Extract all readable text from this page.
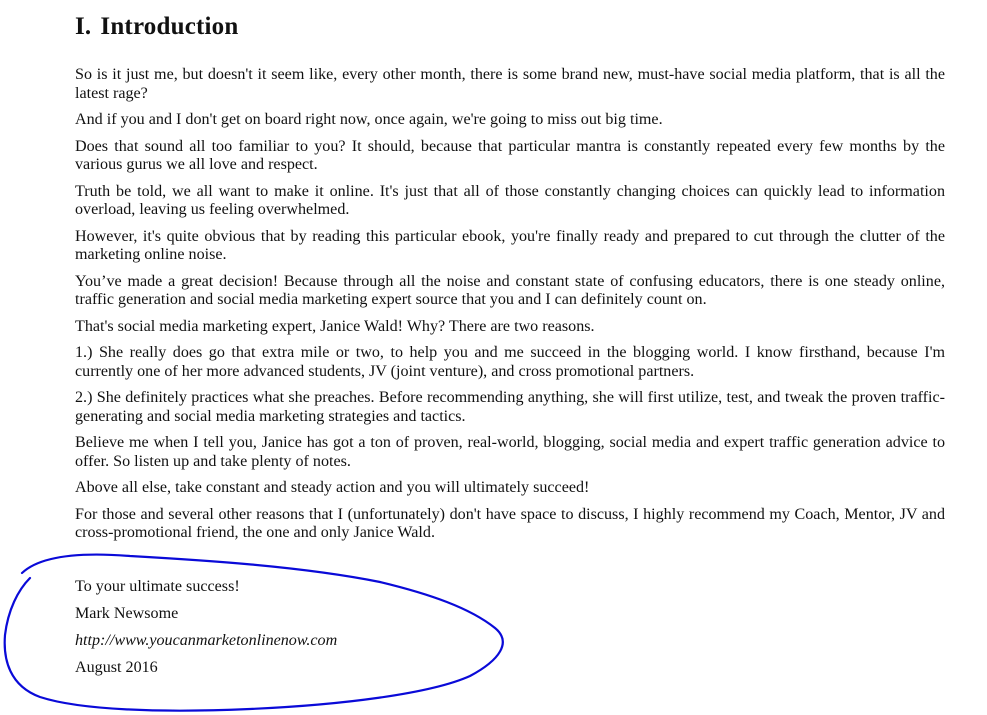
I. Introduction

So is it just me, but doesn't it seem like, every other month, there is some brand new, must-have social media platform, that is all the latest rage?

And if you and I don't get on board right now, once again, we're going to miss out big time.

Does that sound all too familiar to you? It should, because that particular mantra is constantly repeated every few months by the various gurus we all love and respect.

Truth be told, we all want to make it online. It's just that all of those constantly changing choices can quickly lead to information overload, leaving us feeling overwhelmed.

However, it's quite obvious that by reading this particular ebook, you're finally ready and prepared to cut through the clutter of the marketing online noise.

You’ve made a great decision! Because through all the noise and constant state of confusing educators, there is one steady online, traffic generation and social media marketing expert source that you and I can definitely count on.

That's social media marketing expert, Janice Wald! Why? There are two reasons.

1.) She really does go that extra mile or two, to help you and me succeed in the blogging world. I know firsthand, because I'm currently one of her more advanced students, JV (joint venture), and cross promotional partners.

2.) She definitely practices what she preaches. Before recommending anything, she will first utilize, test, and tweak the proven traffic-generating and social media marketing strategies and tactics.

Believe me when I tell you, Janice has got a ton of proven, real-world, blogging, social media and expert traffic generation advice to offer. So listen up and take plenty of notes.

Above all else, take constant and steady action and you will ultimately succeed!

For those and several other reasons that I (unfortunately) don't have space to discuss, I highly recommend my Coach, Mentor, JV and cross-promotional friend, the one and only Janice Wald.

To your ultimate success!
Mark Newsome
http://www.youcanmarketonlinenow.com
August 2016
